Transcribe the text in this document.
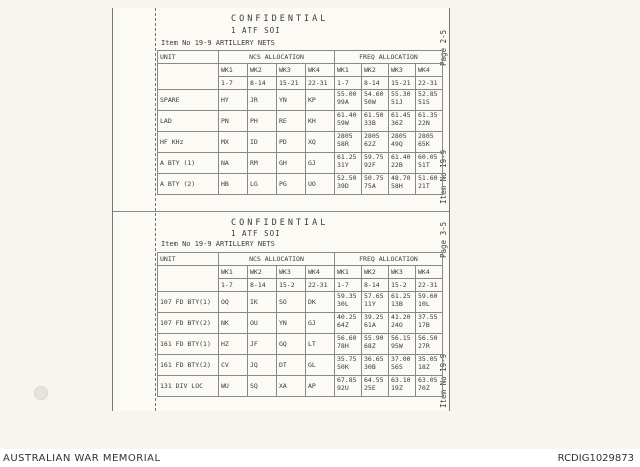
CONFIDENTIAL
1 ATF SOI
Item No 19-9 ARTILLERY NETS	Page 2-5
Item No 19-9
UNIT	NCS ALLOCATION				FREQ ALLOCATION			
	WK1	WK2	WK3	WK4	WK1	WK2	WK3	WK4
	1-7	8-14	15-21	22-31	1-7	8-14	15-21	22-31
SPARE	HY	JR	YN	KP	55.00 99A	54.60 50W	55.30 51J	52.85 51S
LAD	PN	PH	RE	KH	61.40 59W	61.50 33B	61.45 36Z	61.35 22N
HF KHz	MX	ID	PD	XQ	2805 58R	2805 62Z	2805 49Q	2805 65K
A BTY (1)	NA	RM	GH	GJ	61.25 31Y	59.75 92F	61.40 22B	60.05 51T
A BTY (2)	HB	LG	PG	UO	52.50 39D	50.75 75A	48.70 58H	51.60 21T
CONFIDENTIAL
1 ATF SOI
Item No 19-9 ARTILLERY NETS	Page 3-5
Item No 19-9
UNIT	NCS ALLOCATION				FREQ ALLOCATION			
	WK1	WK2	WK3	WK4	WK1	WK2	WK3	WK4
	1-7	8-14	15-2	22-31	1-7	8-14	15-2	22-31
107 FD BTY(1)	OQ	IK	SO	DK	59.35 30L	57.65 11Y	61.25 13B	59.60 10L
107 FD BTY(2)	NK	OU	YN	GJ	40.25 64Z	39.25 61A	41.20 24O	37.55 17B
161 FD BTY(1)	HZ	JF	GQ	LT	56.60 78H	55.90 68Z	56.15 95W	56.50 27R
161 FD BTY(2)	CV	JQ	DT	GL	35.75 50K	36.65 30B	37.00 56S	35.05 18Z
131 DIV LOC	WU	SQ	XA	AP	67.85 92U	64.55 25E	63.10 19Z	63.05 70Z
AUSTRALIAN WAR MEMORIAL	RCDIG1029873
